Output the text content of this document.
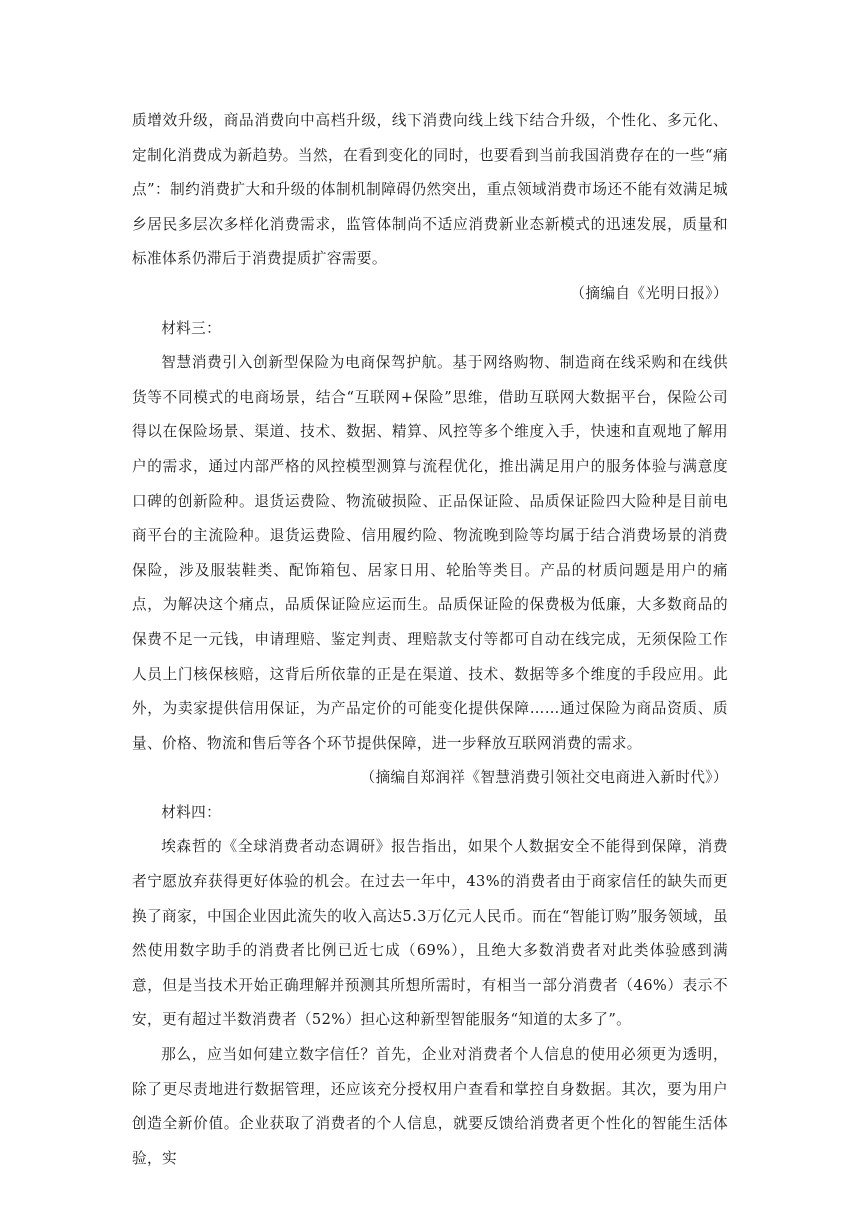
质增效升级，商品消费向中高档升级，线下消费向线上线下结合升级，个性化、多元化、定制化消费成为新趋势。当然，在看到变化的同时，也要看到当前我国消费存在的一些“痛点”：制约消费扩大和升级的体制机制障碍仍然突出，重点领域消费市场还不能有效满足城乡居民多层次多样化消费需求，监管体制尚不适应消费新业态新模式的迅速发展，质量和标准体系仍滞后于消费提质扩容需要。

（摘编自《光明日报》）

材料三：

智慧消费引入创新型保险为电商保驾护航。基于网络购物、制造商在线采购和在线供货等不同模式的电商场景，结合“互联网+保险”思维，借助互联网大数据平台，保险公司得以在保险场景、渠道、技术、数据、精算、风控等多个维度入手，快速和直观地了解用户的需求，通过内部严格的风控模型测算与流程优化，推出满足用户的服务体验与满意度口碑的创新险种。退货运费险、物流破损险、正品保证险、品质保证险四大险种是目前电商平台的主流险种。退货运费险、信用履约险、物流晚到险等均属于结合消费场景的消费保险，涉及服装鞋类、配饰箱包、居家日用、轮胎等类目。产品的材质问题是用户的痛点，为解决这个痛点，品质保证险应运而生。品质保证险的保费极为低廉，大多数商品的保费不足一元钱，申请理赔、鉴定判责、理赔款支付等都可自动在线完成，无须保险工作人员上门核保核赔，这背后所依靠的正是在渠道、技术、数据等多个维度的手段应用。此外，为卖家提供信用保证，为产品定价的可能变化提供保障……通过保险为商品资质、质量、价格、物流和售后等各个环节提供保障，进一步释放互联网消费的需求。

（摘编自郑润祥《智慧消费引领社交电商进入新时代》）

材料四：

埃森哲的《全球消费者动态调研》报告指出，如果个人数据安全不能得到保障，消费者宁愿放弃获得更好体验的机会。在过去一年中，43%的消费者由于商家信任的缺失而更换了商家，中国企业因此流失的收入高达5.3万亿元人民币。而在“智能订购”服务领域，虽然使用数字助手的消费者比例已近七成（69%），且绝大多数消费者对此类体验感到满意，但是当技术开始正确理解并预测其所想所需时，有相当一部分消费者（46%）表示不安，更有超过半数消费者（52%）担心这种新型智能服务“知道的太多了”。

那么，应当如何建立数字信任？首先，企业对消费者个人信息的使用必须更为透明，除了更尽责地进行数据管理，还应该充分授权用户查看和掌控自身数据。其次，要为用户创造全新价值。企业获取了消费者的个人信息，就要反馈给消费者更个性化的智能生活体验，实
